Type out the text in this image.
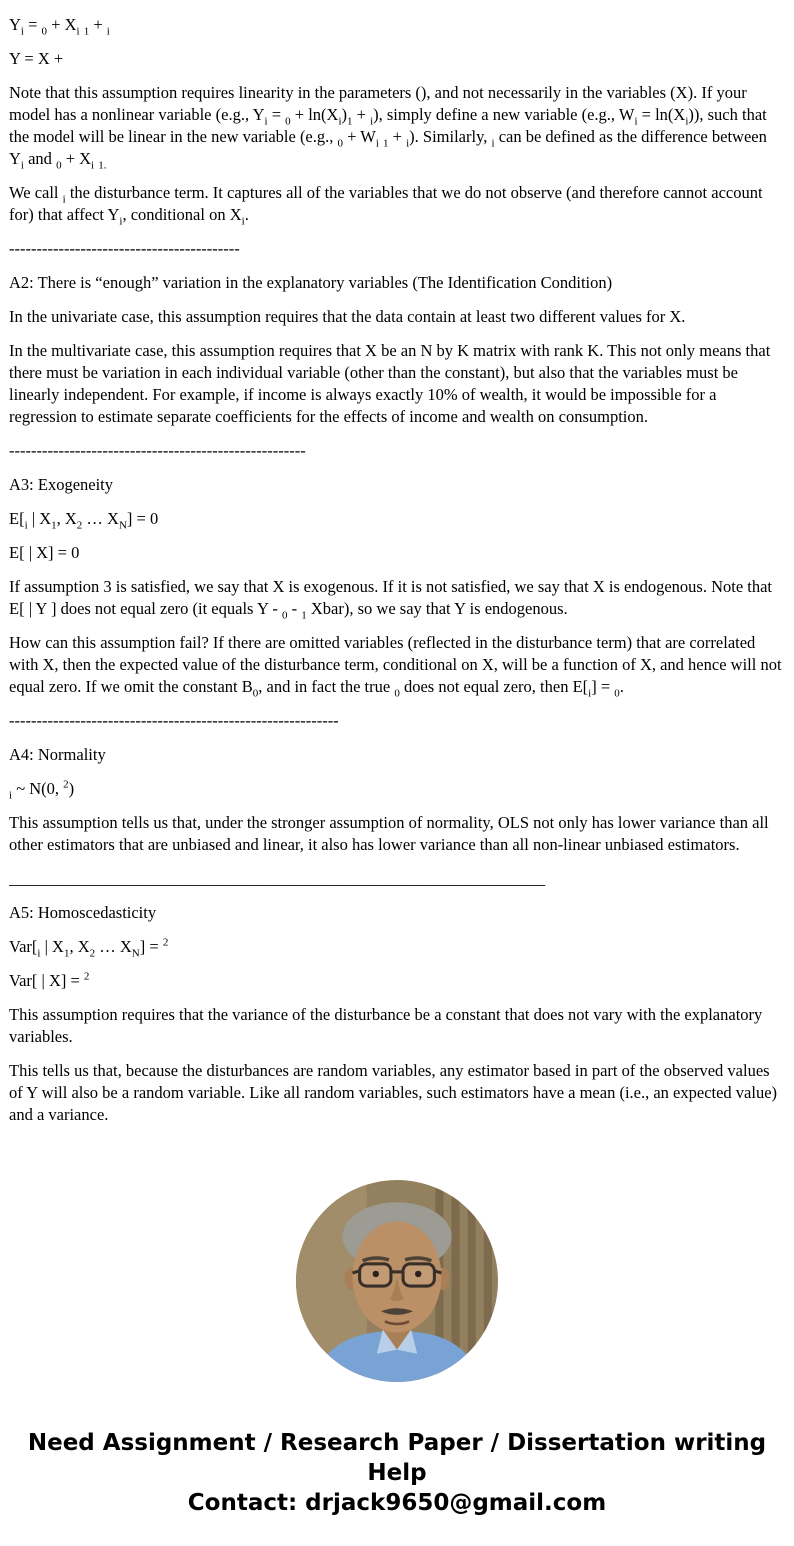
$Y_i = _0 + X_i$ $_1$ + $_i$

Y = X +

Note that this assumption requires linearity in the parameters (), and not necessarily in the variables (X). If your model has a nonlinear variable (e.g., $Y_i = _0 + \ln(X_i)_1 + _i$), simply define a new variable (e.g., $W_i = \ln(X_i)$), such that the model will be linear in the new variable (e.g., $_0 + W_i$ $_1$ + $_i$). Similarly, $_i$ can be defined as the difference between $Y_i$ and $_0 + X_i$ $_{1.}$

We call $_i$ the disturbance term. It captures all of the variables that we do not observe (and therefore cannot account for) that affect $Y_i$, conditional on $X_i$.

------------------------------------------

A2: There is “enough” variation in the explanatory variables (The Identification Condition)

In the univariate case, this assumption requires that the data contain at least two different values for X.

In the multivariate case, this assumption requires that X be an N by K matrix with rank K. This not only means that there must be variation in each individual variable (other than the constant), but also that the variables must be linearly independent. For example, if income is always exactly 10% of wealth, it would be impossible for a regression to estimate separate coefficients for the effects of income and wealth on consumption.

------------------------------------------------------

A3: Exogeneity

$E[_i$ | $X_1$, $X_2$ … $X_N] = 0$

E[ | X] = 0

If assumption 3 is satisfied, we say that X is exogenous. If it is not satisfied, we say that X is endogenous. Note that E[ | Y ] does not equal zero (it equals Y - $_0$ - $_1$ Xbar), so we say that Y is endogenous.

How can this assumption fail? If there are omitted variables (reflected in the disturbance term) that are correlated with X, then the expected value of the disturbance term, conditional on X, will be a function of X, and hence will not equal zero. If we omit the constant $B_0$, and in fact the true $_0$ does not equal zero, then $E[_i] = _0$.

------------------------------------------------------------

A4: Normality

$_i$ ~ N(0, $^2$)

This assumption tells us that, under the stronger assumption of normality, OLS not only has lower variance than all other estimators that are unbiased and linear, it also has lower variance than all non-linear unbiased estimators.

_________________________________________________________________

A5: Homoscedasticity

$Var[_i$ | $X_1$, $X_2$ … $X_N] = ^2$

Var[ | X] = $^2$

This assumption requires that the variance of the disturbance be a constant that does not vary with the explanatory variables.

This tells us that, because the disturbances are random variables, any estimator based in part of the observed values of Y will also be a random variable. Like all random variables, such estimators have a mean (i.e., an expected value) and a variance.

Need Assignment / Research Paper / Dissertation writing Help
Contact: drjack9650@gmail.com
